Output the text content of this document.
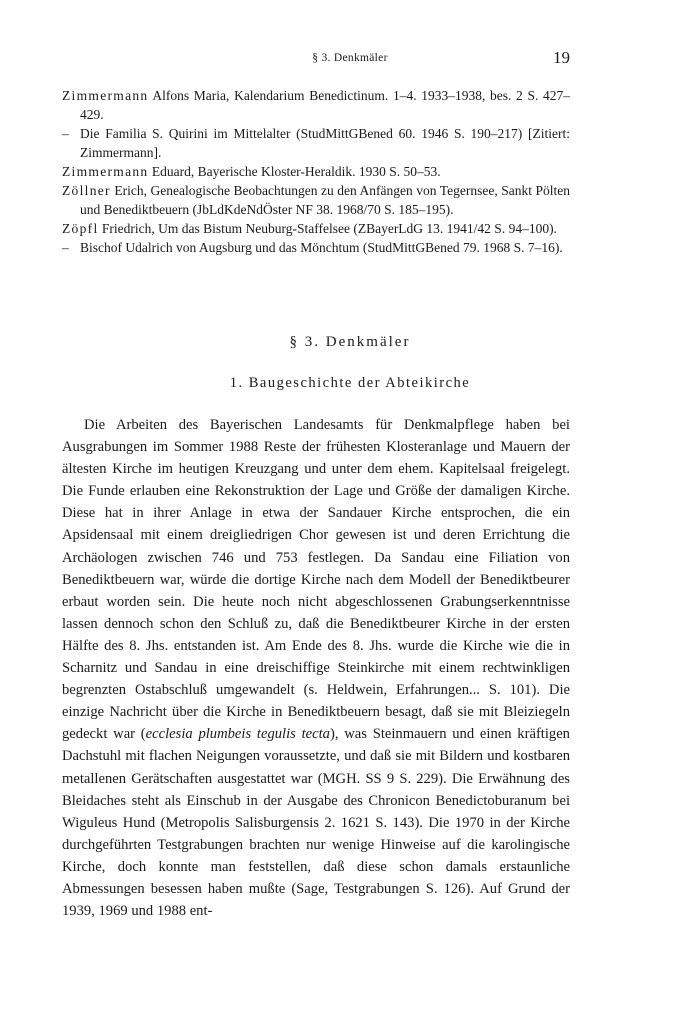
§ 3. Denkmäler	19
Zimmermann Alfons Maria, Kalendarium Benedictinum. 1–4. 1933–1938, bes. 2 S. 427–429.
– Die Familia S. Quirini im Mittelalter (StudMittGBened 60. 1946 S. 190–217) [Zitiert: Zimmermann].
Zimmermann Eduard, Bayerische Kloster-Heraldik. 1930 S. 50–53.
Zöllner Erich, Genealogische Beobachtungen zu den Anfängen von Tegernsee, Sankt Pölten und Benediktbeuern (JbLdKdeNdÖster NF 38. 1968/70 S. 185–195).
Zöpfl Friedrich, Um das Bistum Neuburg-Staffelsee (ZBayerLdG 13. 1941/42 S. 94–100).
– Bischof Udalrich von Augsburg und das Mönchtum (StudMittGBened 79. 1968 S. 7–16).
§ 3. Denkmäler
1. Baugeschichte der Abteikirche
Die Arbeiten des Bayerischen Landesamts für Denkmalpflege haben bei Ausgrabungen im Sommer 1988 Reste der frühesten Klosteranlage und Mauern der ältesten Kirche im heutigen Kreuzgang und unter dem ehem. Kapitelsaal freigelegt. Die Funde erlauben eine Rekonstruktion der Lage und Größe der damaligen Kirche. Diese hat in ihrer Anlage in etwa der Sandauer Kirche entsprochen, die ein Apsidensaal mit einem dreigliedrigen Chor gewesen ist und deren Errichtung die Archäologen zwischen 746 und 753 festlegen. Da Sandau eine Filiation von Benediktbeuern war, würde die dortige Kirche nach dem Modell der Benediktbeurer erbaut worden sein. Die heute noch nicht abgeschlossenen Grabungserkenntnisse lassen dennoch schon den Schluß zu, daß die Benediktbeurer Kirche in der ersten Hälfte des 8. Jhs. entstanden ist. Am Ende des 8. Jhs. wurde die Kirche wie die in Scharnitz und Sandau in eine dreischiffige Steinkirche mit einem rechtwinkligen begrenzten Ostabschluß umgewandelt (s. Heldwein, Erfahrungen... S. 101). Die einzige Nachricht über die Kirche in Benediktbeuern besagt, daß sie mit Bleiziegeln gedeckt war (ecclesia plumbeis tegulis tecta), was Steinmauern und einen kräftigen Dachstuhl mit flachen Neigungen voraussetzte, und daß sie mit Bildern und kostbaren metallenen Gerätschaften ausgestattet war (MGH. SS 9 S. 229). Die Erwähnung des Bleidaches steht als Einschub in der Ausgabe des Chronicon Benedictoburanum bei Wiguleus Hund (Metropolis Salisburgensis 2. 1621 S. 143). Die 1970 in der Kirche durchgeführten Testgrabungen brachten nur wenige Hinweise auf die karolingische Kirche, doch konnte man feststellen, daß diese schon damals erstaunliche Abmessungen besessen haben mußte (Sage, Testgrabungen S. 126). Auf Grund der 1939, 1969 und 1988 ent-
